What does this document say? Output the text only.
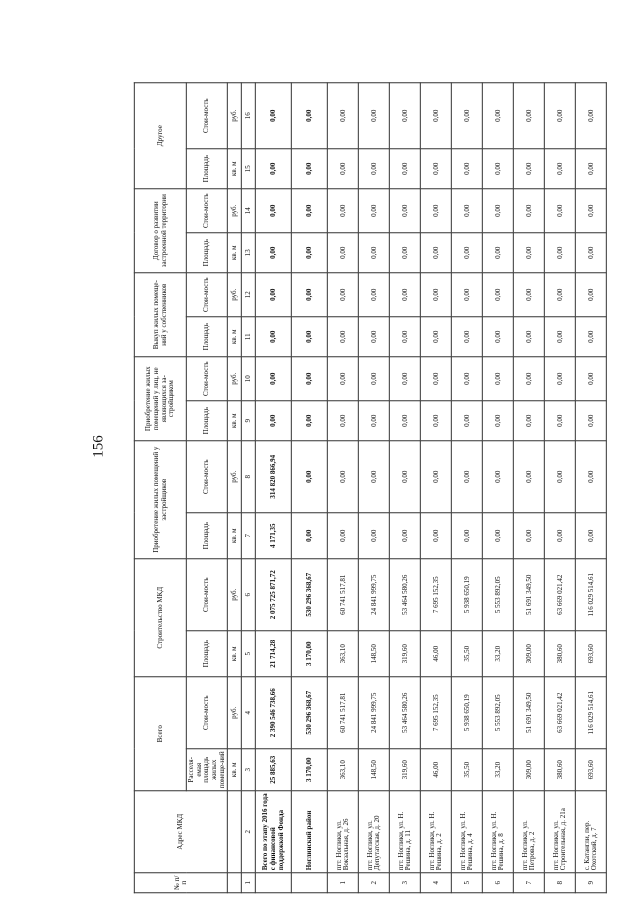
156
№ п/п	Адрес МКД	Всего		Строительство МКД		Приобретение жилых помещений у застройщиков		Приобретение жилых помещений у лиц, не являющихся за-стройщиком		Выкуп жилых помеще-ний у собственников		Договор о развитии застроенной территории		Другое	
		Расселя-емая площадь жилых помеще-ний	Стои-мость	Площадь	Стои-мость	Площадь	Стои-мость	Площадь	Стои-мость	Площадь	Стои-мость	Площадь	Стои-мость	Площадь	Стои-мость
		кв. м	руб.	кв. м	руб.	кв. м	руб.	кв. м	руб.	кв. м	руб.	кв. м	руб.	кв. м	руб.
1	2	3	4	5	6	7	8	9	10	11	12	13	14	15	16
	Всего по этапу 2016 года с финансовой поддержкой Фонда	25 885,63	2 390 546 738,66	21 714,28	2 075 725 871,72	4 171,35	314 820 866,94	0,00	0,00	0,00	0,00	0,00	0,00	0,00	0,00
	Ноглинский район	3 170,00	530 296 368,67	3 170,00	530 296 368,67	0,00	0,00	0,00	0,00	0,00	0,00	0,00	0,00	0,00	0,00
1	пгт. Ноглики, ул. Вокзальная, д. 26	363,10	60 741 517,81	363,10	60 741 517,81	0,00	0,00	0,00	0,00	0,00	0,00	0,00	0,00	0,00	0,00
2	пгт. Ноглики, ул. Депутатская, д. 20	148,50	24 841 999,75	148,50	24 841 999,75	0,00	0,00	0,00	0,00	0,00	0,00	0,00	0,00	0,00	0,00
3	пгт. Ноглики, ул. Н. Решина, д. 11	319,60	53 464 580,26	319,60	53 464 580,26	0,00	0,00	0,00	0,00	0,00	0,00	0,00	0,00	0,00	0,00
4	пгт. Ноглики, ул. Н. Решина, д. 2	46,00	7 695 152,35	46,00	7 695 152,35	0,00	0,00	0,00	0,00	0,00	0,00	0,00	0,00	0,00	0,00
5	пгт. Ноглики, ул. Н. Решина, д. 4	35,50	5 938 650,19	35,50	5 938 650,19	0,00	0,00	0,00	0,00	0,00	0,00	0,00	0,00	0,00	0,00
6	пгт. Ноглики, ул. Н. Решина, д. 8	33,20	5 553 892,05	33,20	5 553 892,05	0,00	0,00	0,00	0,00	0,00	0,00	0,00	0,00	0,00	0,00
7	пгт. Ноглики, ул. Петрова, д. 2	309,00	51 691 349,50	309,00	51 691 349,50	0,00	0,00	0,00	0,00	0,00	0,00	0,00	0,00	0,00	0,00
8	пгт. Ноглики, ул. Строительная, д. 21а	380,60	63 669 021,42	380,60	63 669 021,42	0,00	0,00	0,00	0,00	0,00	0,00	0,00	0,00	0,00	0,00
9	с. Катангли, пер. Охотский, д. 7	693,60	116 029 514,61	693,60	116 029 514,61	0,00	0,00	0,00	0,00	0,00	0,00	0,00	0,00	0,00	0,00
